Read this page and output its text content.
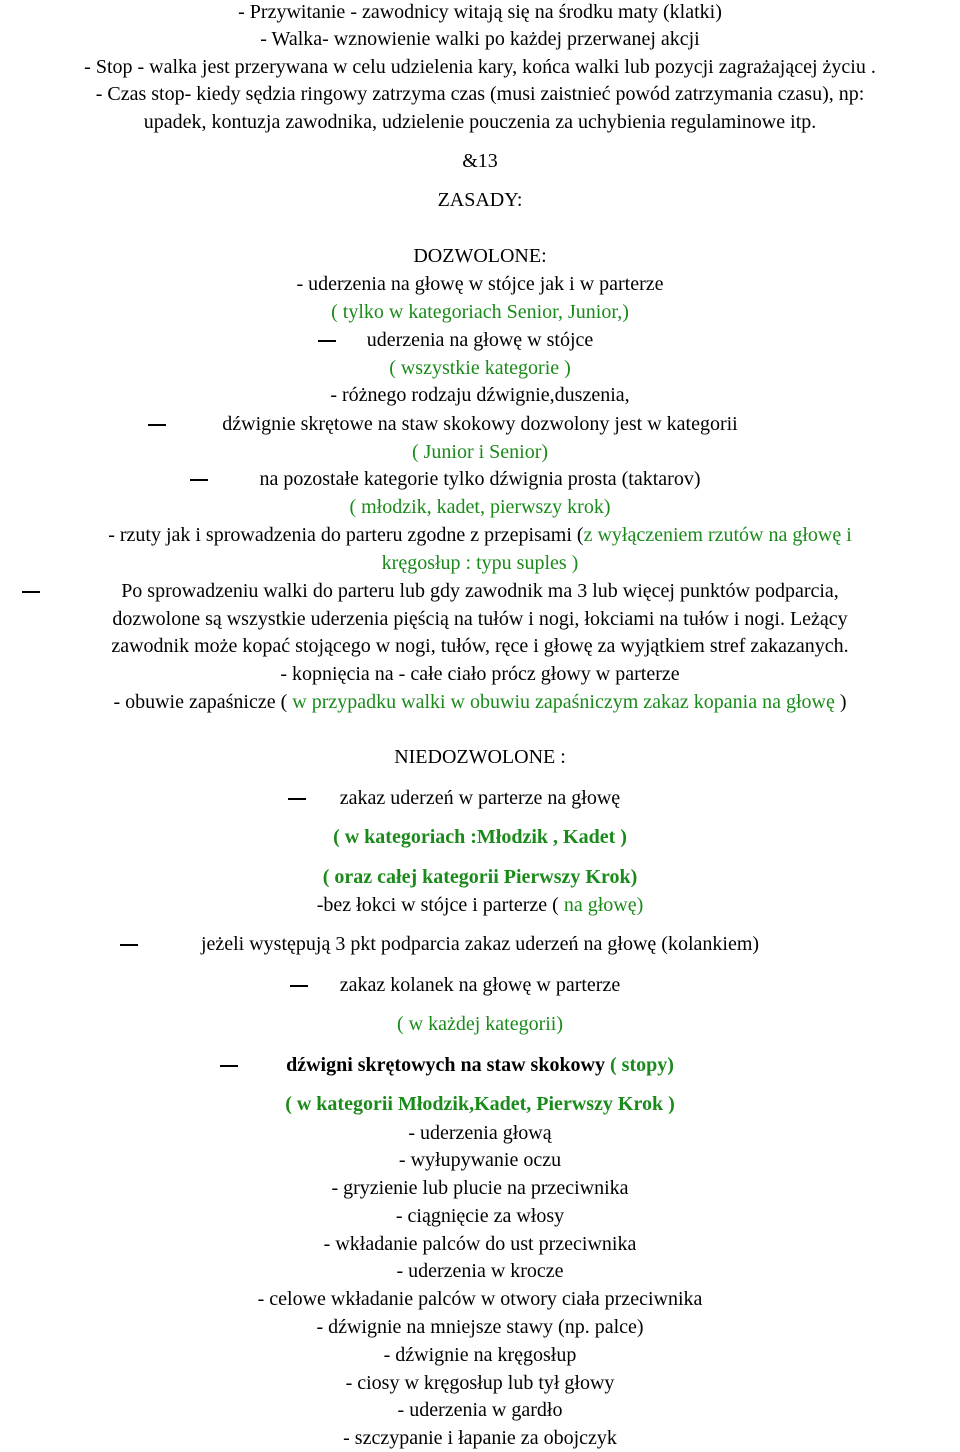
- Przywitanie - zawodnicy witają się na środku maty (klatki)
- Walka- wznowienie walki po każdej przerwanej akcji
- Stop - walka jest przerywana w celu udzielenia kary, końca walki lub pozycji zagrażającej życiu .
- Czas stop- kiedy sędzia ringowy zatrzyma czas (musi zaistnieć powód zatrzymania czasu), np:
upadek, kontuzja zawodnika, udzielenie pouczenia za uchybienia regulaminowe itp.
&13
ZASADY:
DOZWOLONE:
- uderzenia na głowę w stójce jak i w parterze
( tylko w kategoriach Senior, Junior,)
uderzenia na głowę w stójce
( wszystkie kategorie )
- różnego rodzaju dźwignie,duszenia,
dźwignie skrętowe na staw skokowy dozwolony jest w kategorii
( Junior i Senior)
na pozostałe kategorie tylko dźwignia prosta (taktarov)
( młodzik, kadet, pierwszy krok)
- rzuty jak i sprowadzenia do parteru zgodne z przepisami (z wyłączeniem rzutów na głowę i
kręgosłup : typu suples )
Po sprowadzeniu walki do parteru lub gdy zawodnik ma 3 lub więcej punktów podparcia,
dozwolone są wszystkie uderzenia pięścią na tułów i nogi, łokciami na tułów i nogi. Leżący
zawodnik może kopać stojącego w nogi, tułów, ręce i głowę za wyjątkiem stref zakazanych.
- kopnięcia na - całe ciało prócz głowy w parterze
- obuwie zapaśnicze ( w przypadku walki w obuwiu zapaśniczym zakaz kopania na głowę )
NIEDOZWOLONE :
zakaz uderzeń w parterze na głowę
( w kategoriach :Młodzik , Kadet )
( oraz całej kategorii Pierwszy Krok)
-bez łokci w stójce i parterze ( na głowę)
jeżeli występują 3 pkt podparcia zakaz uderzeń na głowę (kolankiem)
zakaz kolanek na głowę w parterze
( w każdej kategorii)
dźwigni skrętowych na staw skokowy ( stopy)
( w kategorii Młodzik,Kadet, Pierwszy Krok )
- uderzenia głową
- wyłupywanie oczu
- gryzienie lub plucie na przeciwnika
- ciągnięcie za włosy
- wkładanie palców do ust przeciwnika
- uderzenia w krocze
- celowe wkładanie palców w otwory ciała przeciwnika
- dźwignie na mniejsze stawy (np. palce)
- dźwignie na kręgosłup
- ciosy w kręgosłup lub tył głowy
- uderzenia w gardło
- szczypanie i łapanie za obojczyk
